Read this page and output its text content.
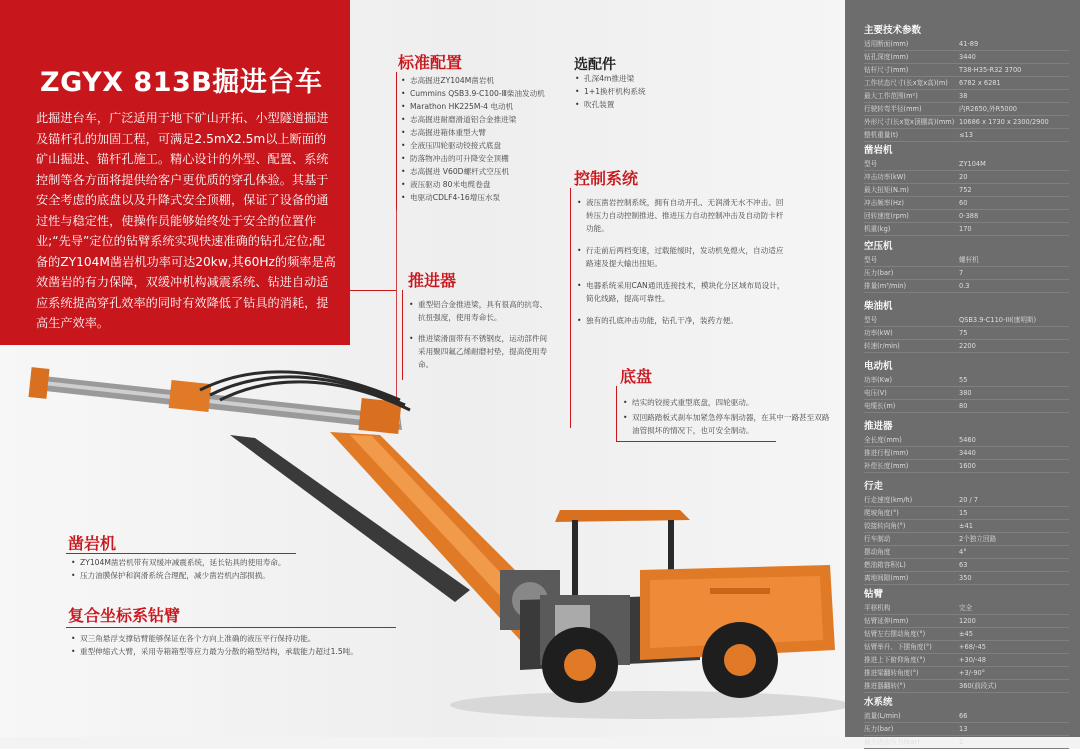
ZGYX 813B掘进台车
此掘进台车，广泛适用于地下矿山开拓、小型隧道掘进及锚杆孔的加固工程，可满足2.5mX2.5m以上断面的矿山掘进、锚杆孔施工。精心设计的外型、配置、系统控制等各方面将提供给客户更优质的穿孔体验。其基于安全考虑的底盘以及升降式安全顶棚，保证了设备的通过性与稳定性，使操作员能够始终处于安全的位置作业;“先导”定位的钻臂系统实现快速准确的钻孔定位;配备的ZY104M凿岩机功率可达20kw,其60Hz的频率是高效凿岩的有力保障，双缓冲机构减震系统、钻进自动适应系统提高穿孔效率的同时有效降低了钻具的消耗，提高生产效率。
标准配置
• 志高掘进ZY104M凿岩机
• Cummins QSB3.9-C100-Ⅲ柴油发动机
• Marathon HK225M-4 电动机
• 志高掘进耐磨滑道铝合金推进梁
• 志高掘进箱体重型大臂
• 全液压四轮驱动铰接式底盘
• 防落物冲击的可升降安全顶棚
• 志高掘进 V60D螺杆式空压机
• 液压驱动 80米电缆卷盘
• 电驱动CDLF4-16增压水泵
选配件
• 孔深4m推进梁
• 1+1换杆机构系统
• 吹孔装置
控制系统
• 液压凿岩控制系统，拥有自动开孔、无润滑无水不冲击、回转压力自动控制推进、推进压力自动控制冲击及自动防卡杆功能。
• 行走前后两档变速，过载能缓时，发动机免熄火，自动适应路速及提大输出扭矩。
• 电器系统采用CAN通讯连接技术，模块化分区域布局设计，简化线路，提高可靠性。
• 独有的孔底冲击功能，钻孔干净，装药方便。
推进器
• 重型铝合金推进梁，具有很高的抗弯、抗扭强度，使用寿命长。
• 推进梁滑面带有不锈钢皮，运动部件间采用聚四氟乙烯耐磨衬垫，提高使用寿命。
底盘
• 结实的铰接式重型底盘，四轮驱动。
• 双回路踏板式刹车加紧急停车制动器，在其中一路甚至双路油管损坏的情况下，也可安全制动。
凿岩机
• ZY104M凿岩机带有双缓冲减震系统，延长钻具的使用寿命。
• 压力油膜保护和润滑系统合理配，减少凿岩机内部损损。
复合坐标系钻臂
• 双三角悬浮支撑钻臂能够保证在各个方向上准确的液压平行保持功能。
• 重型伸缩式大臂，采用寺箱箱型等应力最为分散的箱型结构，承载能力超过1.5吨。
主要技术参数
适用断面(mm)	41-89
钻孔深度(mm)	3440
钻杆尺寸(mm)	T38-H35-R32 3700
工作状态尺寸(长x宽x高)(m)	6782 x 6281
最大工作范围(m²)	38
行驶转弯半径(mm)	内R2650,外R5000
外形尺寸(长x宽x顶棚高)(mm) 10686 x 1730 x 2300/2900
整机重量(t)	≤13
凿岩机
型号	ZY104M
冲击功率(kW)	20
最大扭矩(N.m)	752
冲击频率(Hz)	60
回转速度(rpm)	0-388
机重(kg)	170
空压机
型号	螺杆机
压力(bar)	7
排量(m³/min)	0.3
柴油机
型号	QSB3.9-C110-III(康明斯)
功率(kW)	75
转速(r/min)	2200
电动机
功率(Kw)	55
电压(V)	380
电缆长(m)	80
推进器
全长度(mm)	5460
推进行程(mm)	3440
补偿长度(mm)	1600
行走
行走速度(km/h)	20 / 7
爬坡角度(°)	15
铰接转向角(°)	±41
行车制动	2个独立回路
摆动角度	4°
燃油箱容积(L)	63
离地间隙(mm)	350
钻臂
平移机构	完全
钻臂延伸(mm)	1200
钻臂左右摆动角度(°)	±45
钻臂举升、下摆角度(°)	+68/-45
推进上下俯仰角度(°)	+30/-48
推进梁翻转角度(°)	+3/-90°
推进器翻转(°)	360(前段式)
水系统
流量(L/min)	66
压力(bar)	13
最小进水压力(bar)	2
